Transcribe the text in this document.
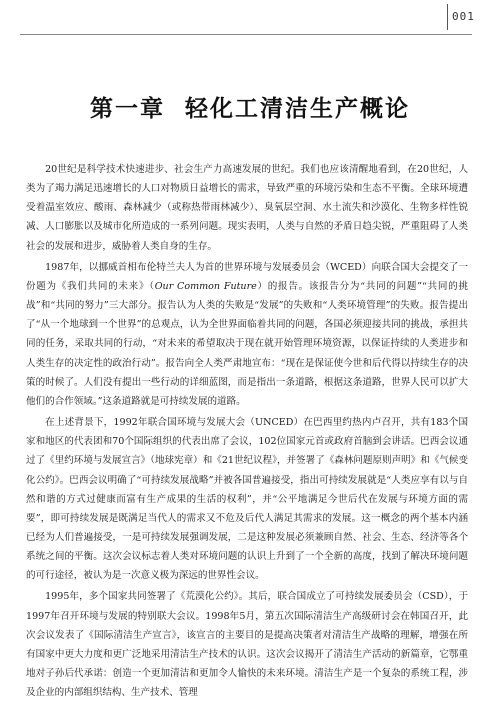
001
第一章 轻化工清洁生产概论

20世纪是科学技术快速进步、社会生产力高速发展的世纪。我们也应该清醒地看到，在20世纪，人类为了竭力满足迅速增长的人口对物质日益增长的需求，导致严重的环境污染和生态不平衡。全球环境遭受着温室效应、酸雨、森林减少（或称热带雨林减少）、臭氧层空洞、水土流失和沙漠化、生物多样性锐减、人口膨胀以及城市化所造成的一系列问题。现实表明，人类与自然的矛盾日趋尖锐，严重阻碍了人类社会的发展和进步，威胁着人类自身的生存。

1987年，以挪威首相布伦特兰夫人为首的世界环境与发展委员会（WCED）向联合国大会提交了一份题为《我们共同的未来》（Our Common Future）的报告。该报告分为“共同的问题”“共同的挑战”和“共同的努力”三大部分。报告认为人类的失败是“发展”的失败和“人类环境管理”的失败。报告提出了“从一个地球到一个世界”的总观点，认为全世界面临着共同的问题，各国必须迎接共同的挑战，承担共同的任务，采取共同的行动，“对未来的希望取决于现在就开始管理环境资源，以保证持续的人类进步和人类生存的决定性的政治行动”。报告向全人类严肃地宣布：“现在是保证使今世和后代得以持续生存的决策的时候了。人们没有提出一些行动的详细蓝图，而是指出一条道路，根据这条道路，世界人民可以扩大他们的合作领域。”这条道路就是可持续发展的道路。

在上述背景下，1992年联合国环境与发展大会（UNCED）在巴西里约热内卢召开，共有183个国家和地区的代表团和70个国际组织的代表出席了会议，102位国家元首或政府首脑到会讲话。巴西会议通过了《里约环境与发展宣言》（地球宪章）和《21世纪议程》，并签署了《森林问题原则声明》和《气候变化公约》。巴西会议明确了“可持续发展战略”并被各国普遍接受，指出可持续发展就是“人类应享有以与自然和谐的方式过健康而富有生产成果的生活的权利”，并“公平地满足今世后代在发展与环境方面的需要”，即可持续发展是既满足当代人的需求又不危及后代人满足其需求的发展。这一概念的两个基本内涵已经为人们普遍接受，一是可持续发展强调发展，二是这种发展必须兼顾自然、社会、生态、经济等各个系统之间的平衡。这次会议标志着人类对环境问题的认识上升到了一个全新的高度，找到了解决环境问题的可行途径，被认为是一次意义极为深远的世界性会议。

1995年，多个国家共同签署了《荒漠化公约》。其后，联合国成立了可持续发展委员会（CSD），于1997年召开环境与发展的特别联大会议。1998年5月，第五次国际清洁生产高级研讨会在韩国召开，此次会议发表了《国际清洁生产宣言》，该宣言的主要目的是提高决策者对清洁生产战略的理解，增强在所有国家中更大力度和更广泛地采用清洁生产技术的认识。这次会议揭开了清洁生产活动的新篇章，它鄂重地对子孙后代承诺：创造一个更加清洁和更加令人愉快的未来环境。清洁生产是一个复杂的系统工程，涉及企业的内部组织结构、生产技术、管理
